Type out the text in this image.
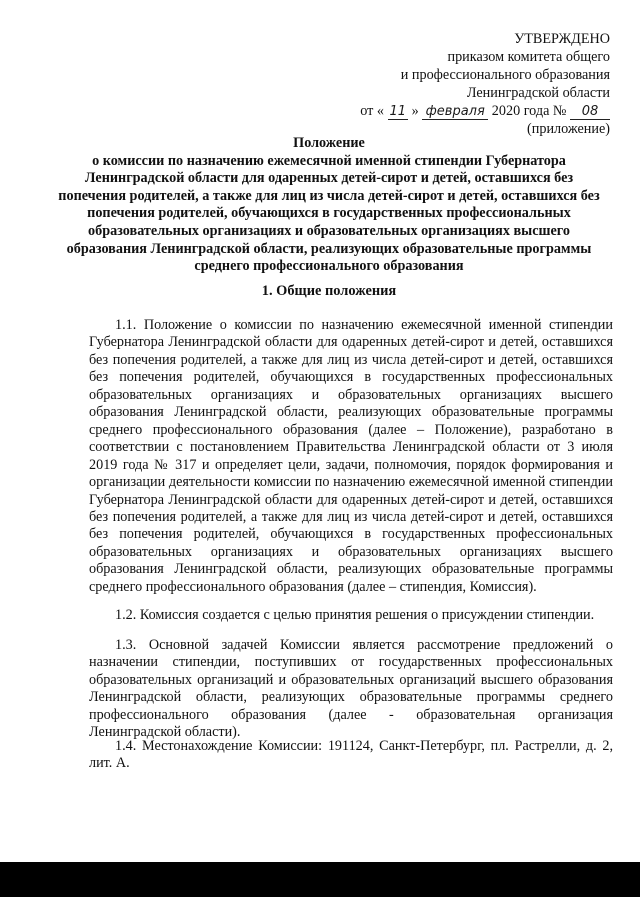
УТВЕРЖДЕНО
приказом комитета общего
и профессионального образования
Ленинградской области
от « 11 » февраля 2020 года № 08
(приложение)
Положение
о комиссии по назначению ежемесячной именной стипендии Губернатора Ленинградской области для одаренных детей-сирот и детей, оставшихся без попечения родителей, а также для лиц из числа детей-сирот и детей, оставшихся без попечения родителей, обучающихся в государственных профессиональных образовательных организациях и образовательных организациях высшего образования Ленинградской области, реализующих образовательные программы среднего профессионального образования
1. Общие положения
1.1. Положение о комиссии по назначению ежемесячной именной стипендии Губернатора Ленинградской области для одаренных детей-сирот и детей, оставшихся без попечения родителей, а также для лиц из числа детей-сирот и детей, оставшихся без попечения родителей, обучающихся в государственных профессиональных образовательных организациях и образовательных организациях высшего образования Ленинградской области, реализующих образовательные программы среднего профессионального образования (далее – Положение), разработано в соответствии с постановлением Правительства Ленинградской области от 3 июля 2019 года № 317 и определяет цели, задачи, полномочия, порядок формирования и организации деятельности комиссии по назначению ежемесячной именной стипендии Губернатора Ленинградской области для одаренных детей-сирот и детей, оставшихся без попечения родителей, а также для лиц из числа детей-сирот и детей, оставшихся без попечения родителей, обучающихся в государственных профессиональных образовательных организациях и образовательных организациях высшего образования Ленинградской области, реализующих образовательные программы среднего профессионального образования (далее – стипендия, Комиссия).
1.2. Комиссия создается с целью принятия решения о присуждении стипендии.
1.3. Основной задачей Комиссии является рассмотрение предложений о назначении стипендии, поступивших от государственных профессиональных образовательных организаций и образовательных организаций высшего образования Ленинградской области, реализующих образовательные программы среднего профессионального образования (далее - образовательная организация Ленинградской области).
1.4. Местонахождение Комиссии: 191124, Санкт-Петербург, пл. Растрелли, д. 2, лит. А.
